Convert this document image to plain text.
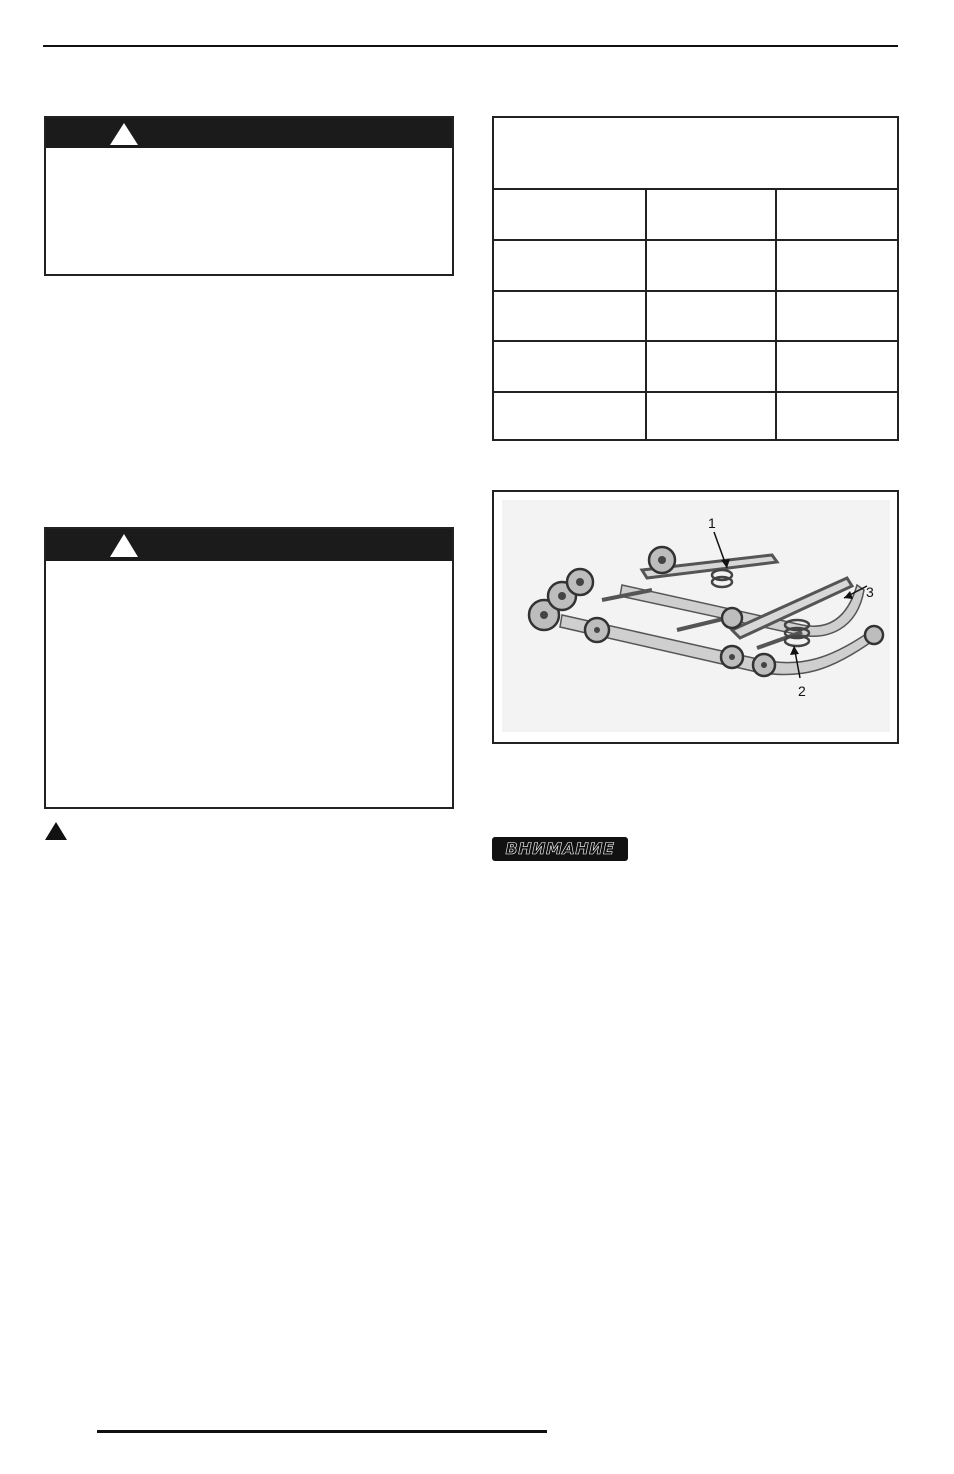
1
2
3
ВНИМАНИЕ
